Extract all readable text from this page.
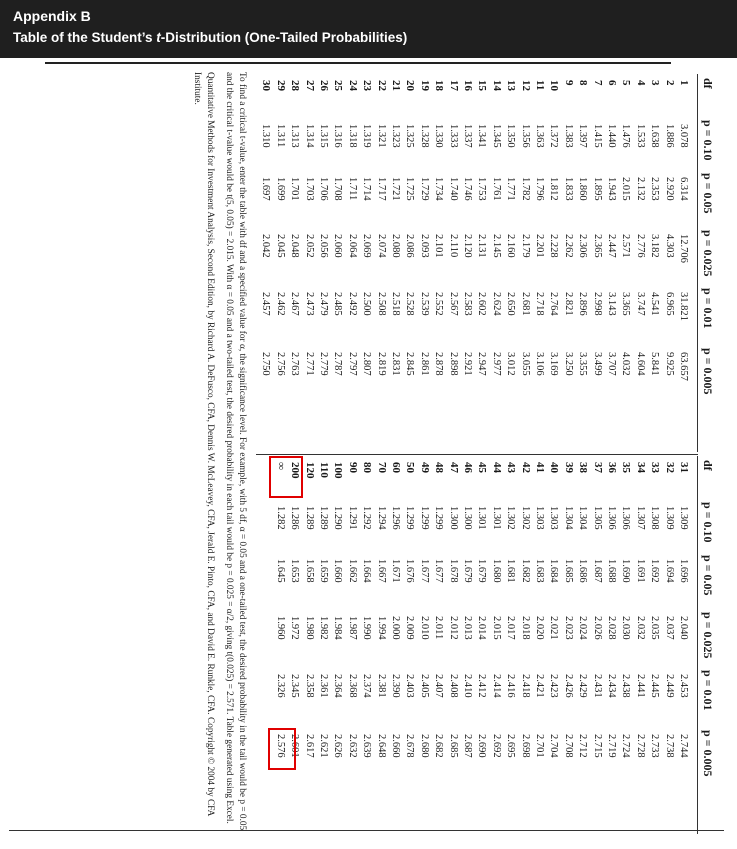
Appendix B
Table of the Student’s t-Distribution (One-Tailed Probabilities)

To find a critical t-value, enter the table with df and a specified value for α, the significance level. For example, with 5 df, α = 0.05 and a one-tailed test, the desired probability in the tail would be p = 0.05 and the critical t-value would be t(5, 0.05) = 2.015. With α = 0.05 and a two-tailed test, the desired probability in each tail would be p = 0.025 = α/2, giving t(0.025) = 2.571. Table generated using Excel.

Quantitative Methods for Investment Analysis, Second Edition, by Richard A. DeFusco, CFA, Dennis W. McLeavey, CFA, Jerald E. Pinto, CFA, and David E. Runkle, CFA. Copyright © 2004 by CFA Institute.	df
p = 0.10
p = 0.05
p = 0.025
p = 0.01
p = 0.005
1
3.078
6.314
12.706
31.821
63.657
2
1.886
2.920
4.303
6.965
9.925
3
1.638
2.353
3.182
4.541
5.841
4
1.533
2.132
2.776
3.747
4.604
5
1.476
2.015
2.571
3.365
4.032
6
1.440
1.943
2.447
3.143
3.707
7
1.415
1.895
2.365
2.998
3.499
8
1.397
1.860
2.306
2.896
3.355
9
1.383
1.833
2.262
2.821
3.250
10
1.372
1.812
2.228
2.764
3.169
11
1.363
1.796
2.201
2.718
3.106
12
1.356
1.782
2.179
2.681
3.055
13
1.350
1.771
2.160
2.650
3.012
14
1.345
1.761
2.145
2.624
2.977
15
1.341
1.753
2.131
2.602
2.947
16
1.337
1.746
2.120
2.583
2.921
17
1.333
1.740
2.110
2.567
2.898
18
1.330
1.734
2.101
2.552
2.878
19
1.328
1.729
2.093
2.539
2.861
20
1.325
1.725
2.086
2.528
2.845
21
1.323
1.721
2.080
2.518
2.831
22
1.321
1.717
2.074
2.508
2.819
23
1.319
1.714
2.069
2.500
2.807
24
1.318
1.711
2.064
2.492
2.797
25
1.316
1.708
2.060
2.485
2.787
26
1.315
1.706
2.056
2.479
2.779
27
1.314
1.703
2.052
2.473
2.771
28
1.313
1.701
2.048
2.467
2.763
29
1.311
1.699
2.045
2.462
2.756
30
1.310
1.697
2.042
2.457
2.750
df
p = 0.10
p = 0.05
p = 0.025
p = 0.01
p = 0.005
31
1.309
1.696
2.040
2.453
2.744
32
1.309
1.694
2.037
2.449
2.738
33
1.308
1.692
2.035
2.445
2.733
34
1.307
1.691
2.032
2.441
2.728
35
1.306
1.690
2.030
2.438
2.724
36
1.306
1.688
2.028
2.434
2.719
37
1.305
1.687
2.026
2.431
2.715
38
1.304
1.686
2.024
2.429
2.712
39
1.304
1.685
2.023
2.426
2.708
40
1.303
1.684
2.021
2.423
2.704
41
1.303
1.683
2.020
2.421
2.701
42
1.302
1.682
2.018
2.418
2.698
43
1.302
1.681
2.017
2.416
2.695
44
1.301
1.680
2.015
2.414
2.692
45
1.301
1.679
2.014
2.412
2.690
46
1.300
1.679
2.013
2.410
2.687
47
1.300
1.678
2.012
2.408
2.685
48
1.299
1.677
2.011
2.407
2.682
49
1.299
1.677
2.010
2.405
2.680
50
1.299
1.676
2.009
2.403
2.678
60
1.296
1.671
2.000
2.390
2.660
70
1.294
1.667
1.994
2.381
2.648
80
1.292
1.664
1.990
2.374
2.639
90
1.291
1.662
1.987
2.368
2.632
100
1.290
1.660
1.984
2.364
2.626
110
1.289
1.659
1.982
2.361
2.621
120
1.289
1.658
1.980
2.358
2.617
200
1.286
1.653
1.972
2.345
2.601
∞
1.282
1.645
1.960
2.326
2.576
